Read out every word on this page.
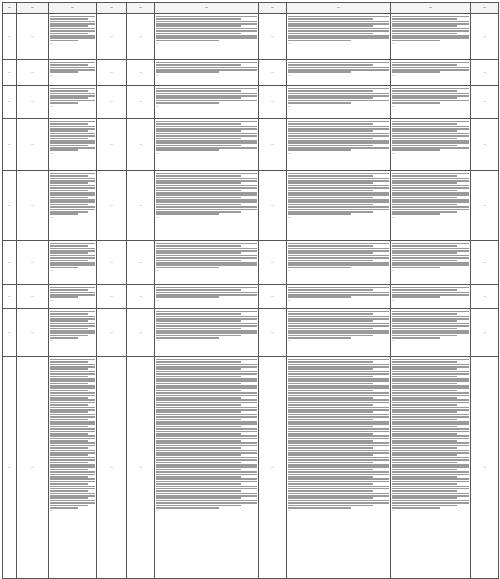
—	—	—	—	—	—	—	—	—	—
—	—	—	—	—	—	—	—	—	—
—	—	—	—	—	—	—	—	—	—
—	—	—	—	—	—	—	—	—	—
—	—	—	—	—	—	—	—	—	—
—	—	—	—	—	—	—	—	—	—
—	—	—	—	—	—	—	—	—	—
—	—	—	—	—	—	—	—	—	—
—	—	—	—	—	—	—	—	—	—
—	—	—	—	—	—	—	—	—	—
